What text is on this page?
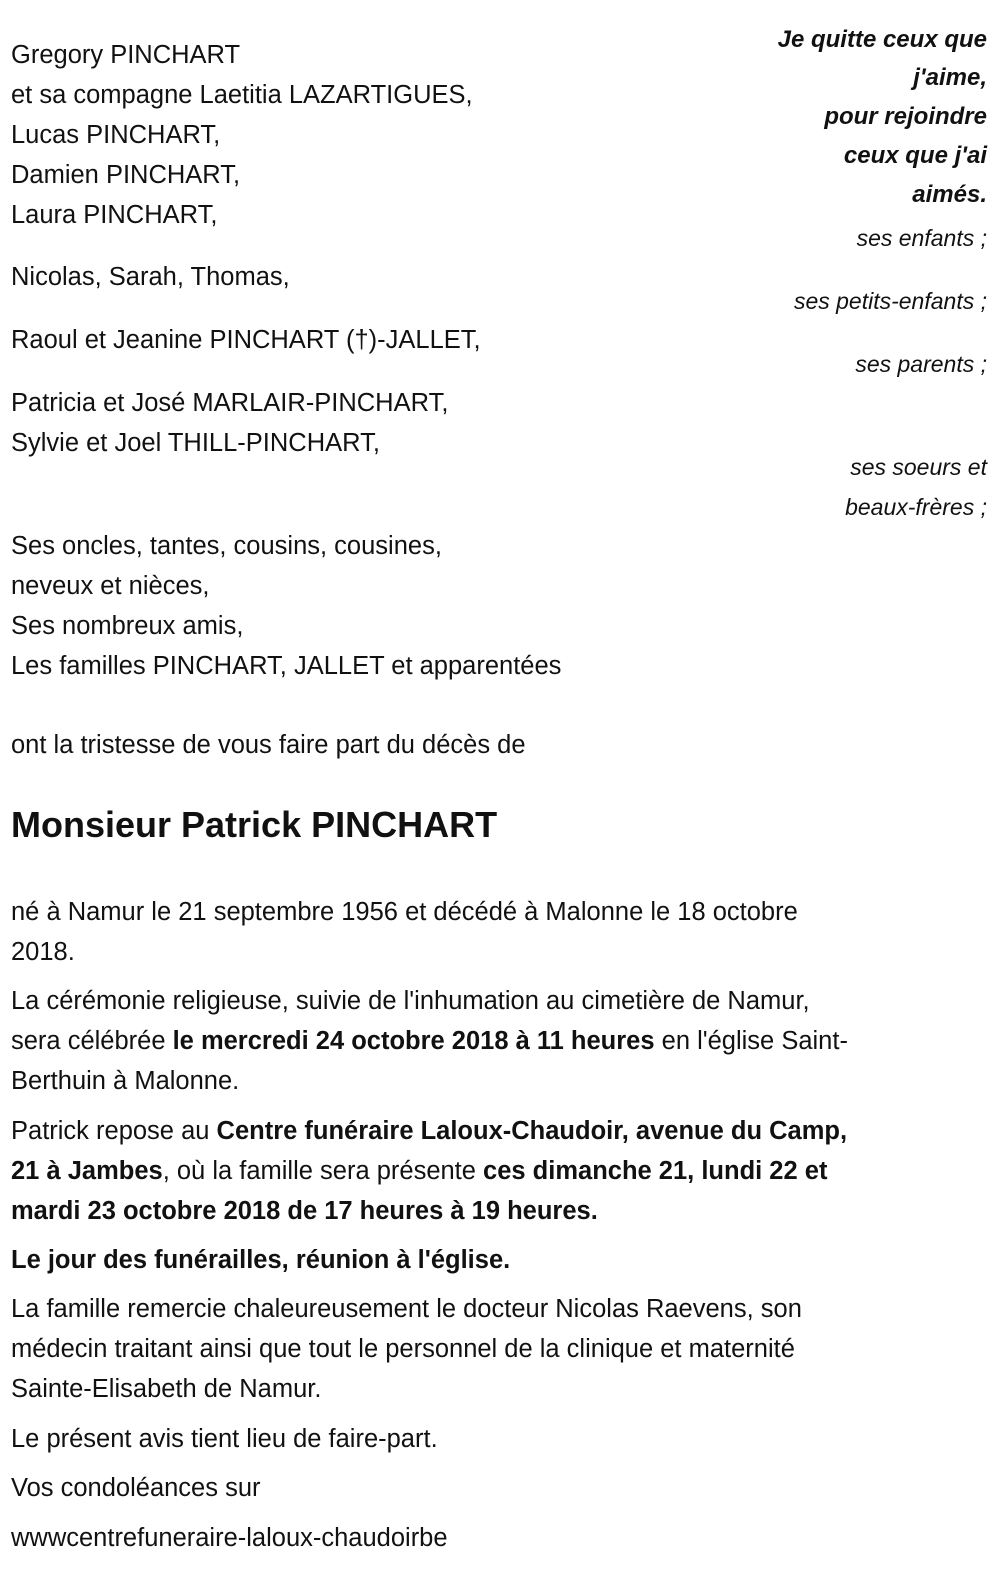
Gregory PINCHART
et sa compagne Laetitia LAZARTIGUES,
Lucas PINCHART,
Damien PINCHART,
Laura PINCHART,
Nicolas, Sarah, Thomas,
Raoul et Jeanine PINCHART (†)-JALLET,
Patricia et José MARLAIR-PINCHART,
Sylvie et Joel THILL-PINCHART,
Ses oncles, tantes, cousins, cousines,
neveux et nièces,
Ses nombreux amis,
Les familles PINCHART, JALLET et apparentées
Je quitte ceux que
j'aime,
pour rejoindre
ceux que j'ai
aimés.
ses enfants ;
ses petits-enfants ;
ses parents ;
ses soeurs et
beaux-frères ;
ont la tristesse de vous faire part du décès de
Monsieur Patrick PINCHART
né à Namur le 21 septembre 1956 et décédé à Malonne le 18 octobre
2018.
La cérémonie religieuse, suivie de l'inhumation au cimetière de Namur,
sera célébrée le mercredi 24 octobre 2018 à 11 heures en l'église Saint-
Berthuin à Malonne.
Patrick repose au Centre funéraire Laloux-Chaudoir, avenue du Camp,
21 à Jambes, où la famille sera présente ces dimanche 21, lundi 22 et
mardi 23 octobre 2018 de 17 heures à 19 heures.
Le jour des funérailles, réunion à l'église.
La famille remercie chaleureusement le docteur Nicolas Raevens, son
médecin traitant ainsi que tout le personnel de la clinique et maternité
Sainte-Elisabeth de Namur.
Le présent avis tient lieu de faire-part.
Vos condoléances sur
wwwcentrefuneraire-laloux-chaudoirbe
